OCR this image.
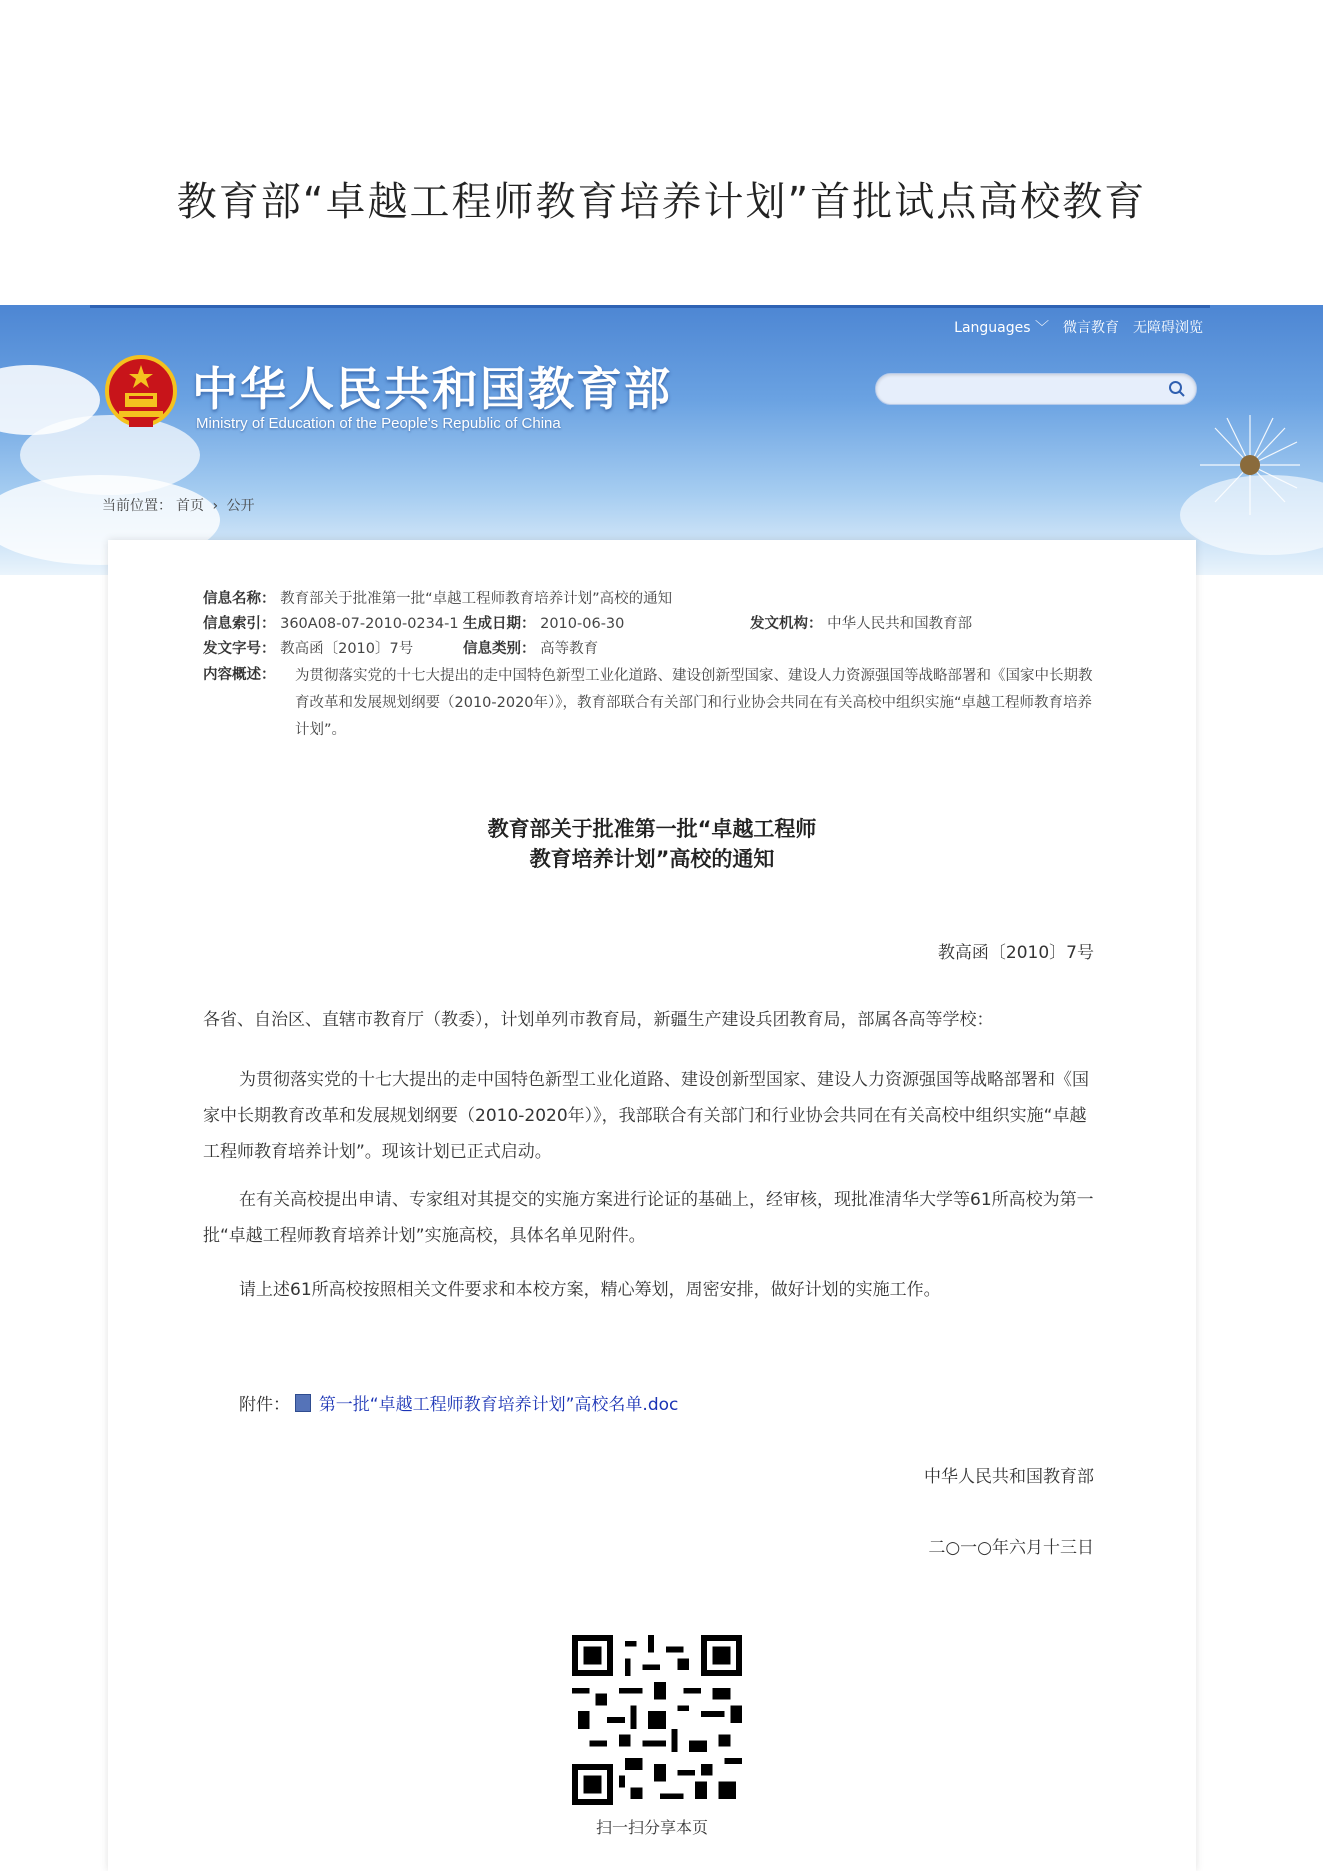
教育部“卓越工程师教育培养计划”首批试点高校教育
Languages ﹀ 微言教育 无障碍浏览
中华人民共和国教育部
Ministry of Education of the People's Republic of China
当前位置： 首页 › 公开
信息名称： 教育部关于批准第一批“卓越工程师教育培养计划”高校的通知
信息索引： 360A08-07-2010-0234-1 生成日期： 2010-06-30	发文机构： 中华人民共和国教育部
发文字号： 教高函〔2010〕7号	信息类别： 高等教育
内容概述： 为贯彻落实党的十七大提出的走中国特色新型工业化道路、建设创新型国家、建设人力资源强国等战略部署和《国家中长期教育改革和发展规划纲要（2010-2020年）》，教育部联合有关部门和行业协会共同在有关高校中组织实施“卓越工程师教育培养计划”。
教育部关于批准第一批“卓越工程师
教育培养计划”高校的通知
教高函〔2010〕7号
各省、自治区、直辖市教育厅（教委），计划单列市教育局，新疆生产建设兵团教育局，部属各高等学校：
为贯彻落实党的十七大提出的走中国特色新型工业化道路、建设创新型国家、建设人力资源强国等战略部署和《国家中长期教育改革和发展规划纲要（2010-2020年）》，我部联合有关部门和行业协会共同在有关高校中组织实施“卓越工程师教育培养计划”。现该计划已正式启动。
在有关高校提出申请、专家组对其提交的实施方案进行论证的基础上，经审核，现批准清华大学等61所高校为第一批“卓越工程师教育培养计划”实施高校，具体名单见附件。
请上述61所高校按照相关文件要求和本校方案，精心筹划，周密安排，做好计划的实施工作。
附件： 第一批“卓越工程师教育培养计划”高校名单.doc
中华人民共和国教育部
二○一○年六月十三日
扫一扫分享本页
